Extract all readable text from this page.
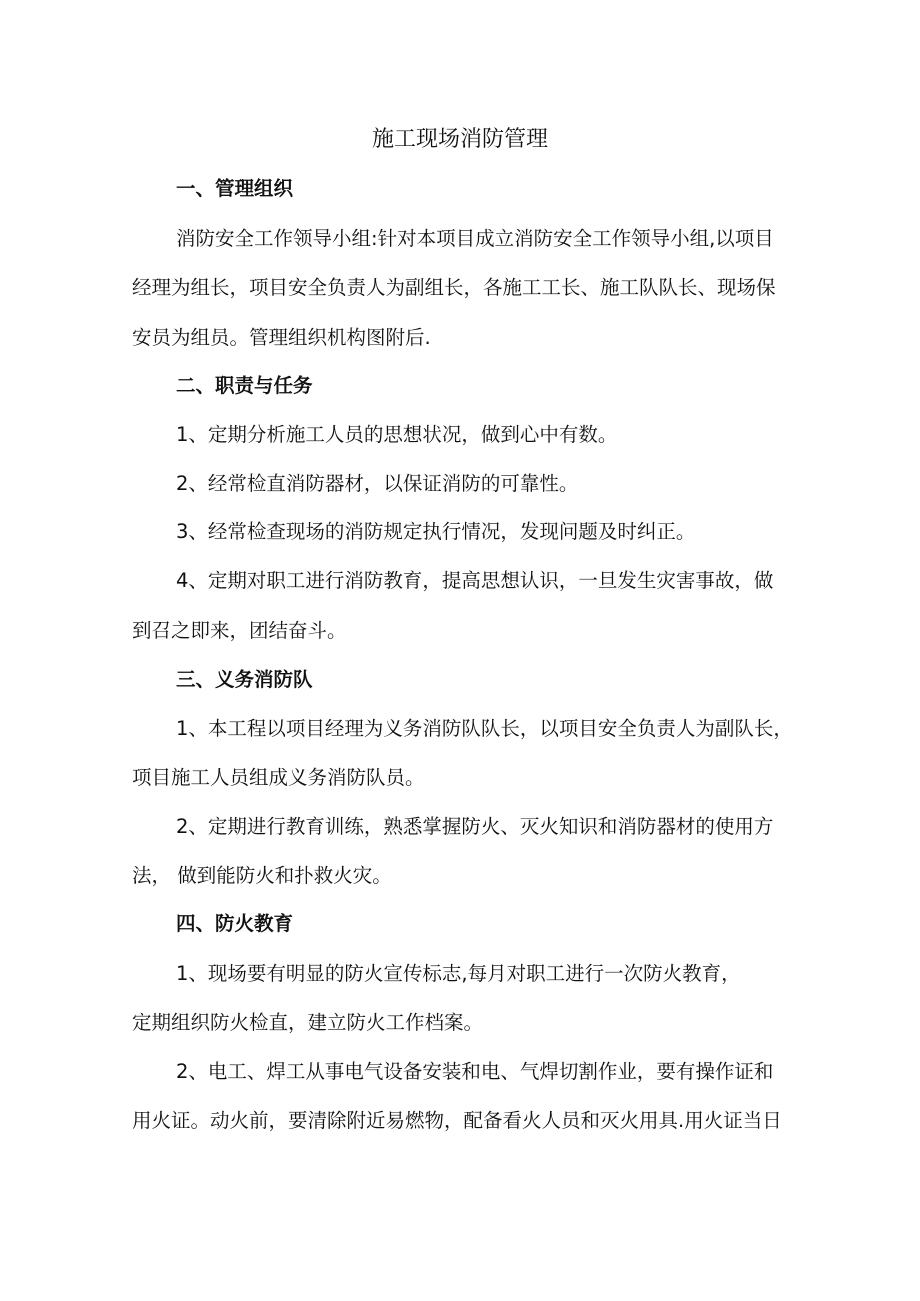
施工现场消防管理

一、管理组织

消防安全工作领导小组:针对本项目成立消防安全工作领导小组,以项目

经理为组长，项目安全负责人为副组长，各施工工长、施工队队长、现场保

安员为组员。管理组织机构图附后.

二、职责与任务

1、定期分析施工人员的思想状况，做到心中有数。

2、经常检直消防器材，以保证消防的可靠性。

3、经常检查现场的消防规定执行情况，发现问题及时纠正。

4、定期对职工进行消防教育，提高思想认识，一旦发生灾害事故，做

到召之即来，团结奋斗。

三、义务消防队

1、本工程以项目经理为义务消防队队长，以项目安全负责人为副队长，

项目施工人员组成义务消防队员。

2、定期进行教育训练，熟悉掌握防火、灭火知识和消防器材的使用方

法， 做到能防火和扑救火灾。

四、防火教育

1、现场要有明显的防火宣传标志,每月对职工进行一次防火教育，

定期组织防火检直，建立防火工作档案。

2、电工、焊工从事电气设备安装和电、气焊切割作业，要有操作证和

用火证。动火前，要清除附近易燃物，配备看火人员和灭火用具.用火证当日
